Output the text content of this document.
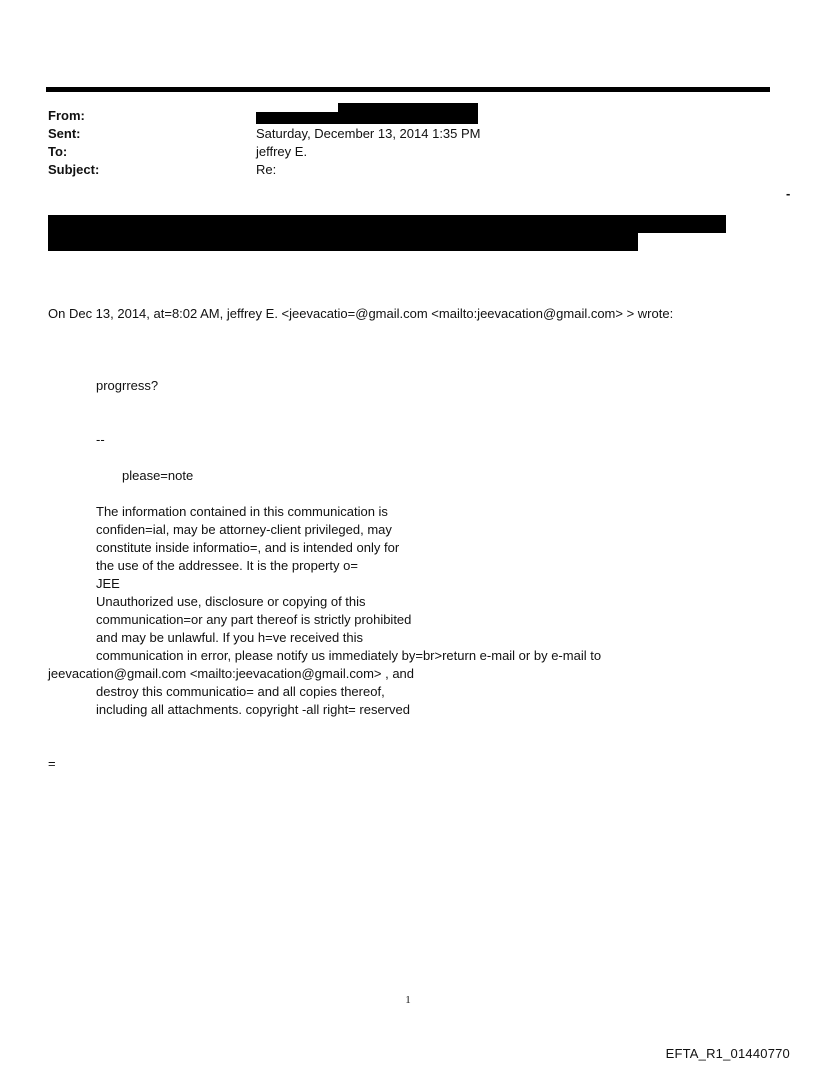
From:
Sent:	Saturday, December 13, 2014 1:35 PM
To:	jeffrey E.
Subject:	Re:
-
On Dec 13, 2014, at=8:02 AM, jeffrey E. <jeevacatio=@gmail.com <mailto:jeevacation@gmail.com> > wrote:
progrress?
--
please=note
The information contained in this communication is
confiden=ial, may be attorney-client privileged, may
constitute inside informatio=, and is intended only for
the use of the addressee. It is the property o=
JEE
Unauthorized use, disclosure or copying of this
communication=or any part thereof is strictly prohibited
and may be unlawful. If you h=ve received this
communication in error, please notify us immediately by=br>return e-mail or by e-mail to
jeevacation@gmail.com <mailto:jeevacation@gmail.com> , and
destroy this communicatio= and all copies thereof,
including all attachments. copyright -all right= reserved
=
1
EFTA_R1_01440770
